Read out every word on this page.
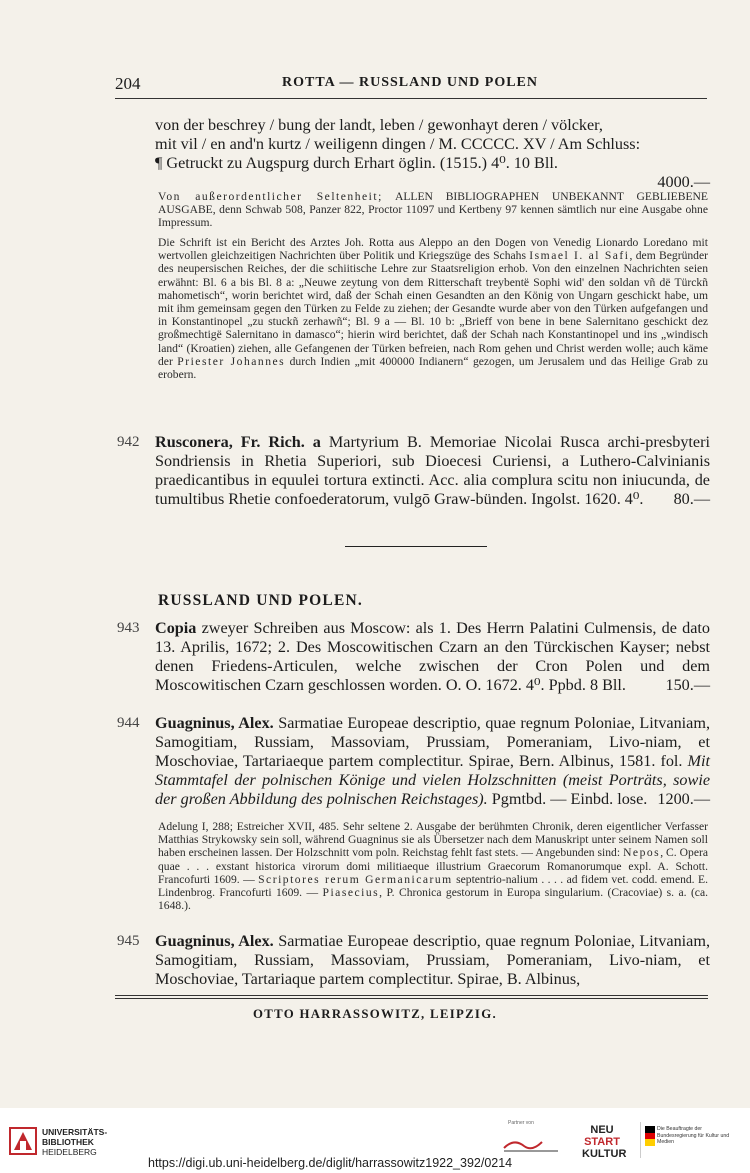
204	ROTTA — RUSSLAND UND POLEN
von der beschrey / bung der landt, leben / gewonhayt deren / völcker,
mit vil / en and'n kurtz / weiligenn dingen / M. CCCCC. XV / Am Schluss:
¶ Getruckt zu Augspurg durch Erhart öglin. (1515.) 4⁰. 10 Bll.
4000.—
Von außerordentlicher Seltenheit; ALLEN BIBLIOGRAPHEN UNBEKANNT GEBLIEBENE AUSGABE, denn Schwab 508, Panzer 822, Proctor 11097 und Kertbeny 97 kennen sämtlich nur eine Ausgabe ohne Impressum.
Die Schrift ist ein Bericht des Arztes Joh. Rotta aus Aleppo an den Dogen von Venedig Lionardo Loredano mit wertvollen gleichzeitigen Nachrichten über Politik und Kriegszüge des Schahs Ismael I. al Safi, dem Begründer des neupersischen Reiches, der die schiitische Lehre zur Staatsreligion erhob. Von den einzelnen Nachrichten seien erwähnt: Bl. 6 a bis Bl. 8 a: „Neuwe zeytung von dem Ritterschaft treybentë Sophi wid' den soldan vñ dë Türckñ mahometisch“, worin berichtet wird, daß der Schah einen Gesandten an den König von Ungarn geschickt habe, um mit ihm gemeinsam gegen den Türken zu Felde zu ziehen; der Gesandte wurde aber von den Türken aufgefangen und in Konstantinopel „zu stuckñ zerhawñ“; Bl. 9 a — Bl. 10 b: „Brieff von bene in bene Salernitano geschickt dez großmechtigë Salernitano in damasco“; hierin wird berichtet, daß der Schah nach Konstantinopel und ins „windisch land“ (Kroatien) ziehen, alle Gefangenen der Türken befreien, nach Rom gehen und Christ werden wolle; auch käme der Priester Johannes durch Indien „mit 400000 Indianern“ gezogen, um Jerusalem und das Heilige Grab zu erobern.
942 Rusconera, Fr. Rich. a Martyrium B. Memoriae Nicolai Rusca archi-presbyteri Sondriensis in Rhetia Superiori, sub Dioecesi Curiensi, a Luthero-Calvinianis praedicantibus in equulei tortura extincti. Acc. alia complura scitu non iniucunda, de tumultibus Rhetie confoederatorum, vulgō Graw-bünden. Ingolst. 1620. 4⁰.	80.—
RUSSLAND UND POLEN.
943 Copia zweyer Schreiben aus Moscow: als 1. Des Herrn Palatini Culmensis, de dato 13. Aprilis, 1672; 2. Des Moscowitischen Czarn an den Türckischen Kayser; nebst denen Friedens-Articulen, welche zwischen der Cron Polen und dem Moscowitischen Czarn geschlossen worden. O. O. 1672. 4⁰. Ppbd. 8 Bll.	150.—
944 Guagninus, Alex. Sarmatiae Europeae descriptio, quae regnum Poloniae, Litvaniam, Samogitiam, Russiam, Massoviam, Prussiam, Pomeraniam, Livo-niam, et Moschoviae, Tartariaeque partem complectitur. Spirae, Bern. Albinus, 1581. fol. Mit Stammtafel der polnischen Könige und vielen Holzschnitten (meist Porträts, sowie der großen Abbildung des polnischen Reichstages). Pgmtbd. — Einbd. lose. 1200.—
Adelung I, 288; Estreicher XVII, 485. Sehr seltene 2. Ausgabe der berühmten Chronik, deren eigentlicher Verfasser Matthias Strykowsky sein soll, während Guagninus sie als Übersetzer nach dem Manuskript unter seinem Namen soll haben erscheinen lassen. Der Holzschnitt vom poln. Reichstag fehlt fast stets. — Angebunden sind: Nepos, C. Opera quae . . . exstant historica virorum domi militiaeque illustrium Graecorum Romanorumque expl. A. Schott. Francofurti 1609. — Scriptores rerum Germanicarum septentrio-nalium . . . . ad fidem vet. codd. emend. E. Lindenbrog. Francofurti 1609. — Piasecius, P. Chronica gestorum in Europa singularium. (Cracoviae) s. a. (ca. 1648.).
945 Guagninus, Alex. Sarmatiae Europeae descriptio, quae regnum Poloniae, Litvaniam, Samogitiam, Russiam, Massoviam, Prussiam, Pomeraniam, Livo-niam, et Moschoviae, Tartariaque partem complectitur. Spirae, B. Albinus,
OTTO HARRASSOWITZ, LEIPZIG.
UNIVERSITÄTS-
BIBLIOTHEK
HEIDELBERG
Partner von
NEU
START
KULTUR
Die Beauftragte der Bundesregierung für Kultur und Medien
https://digi.ub.uni-heidelberg.de/diglit/harrassowitz1922_392/0214
